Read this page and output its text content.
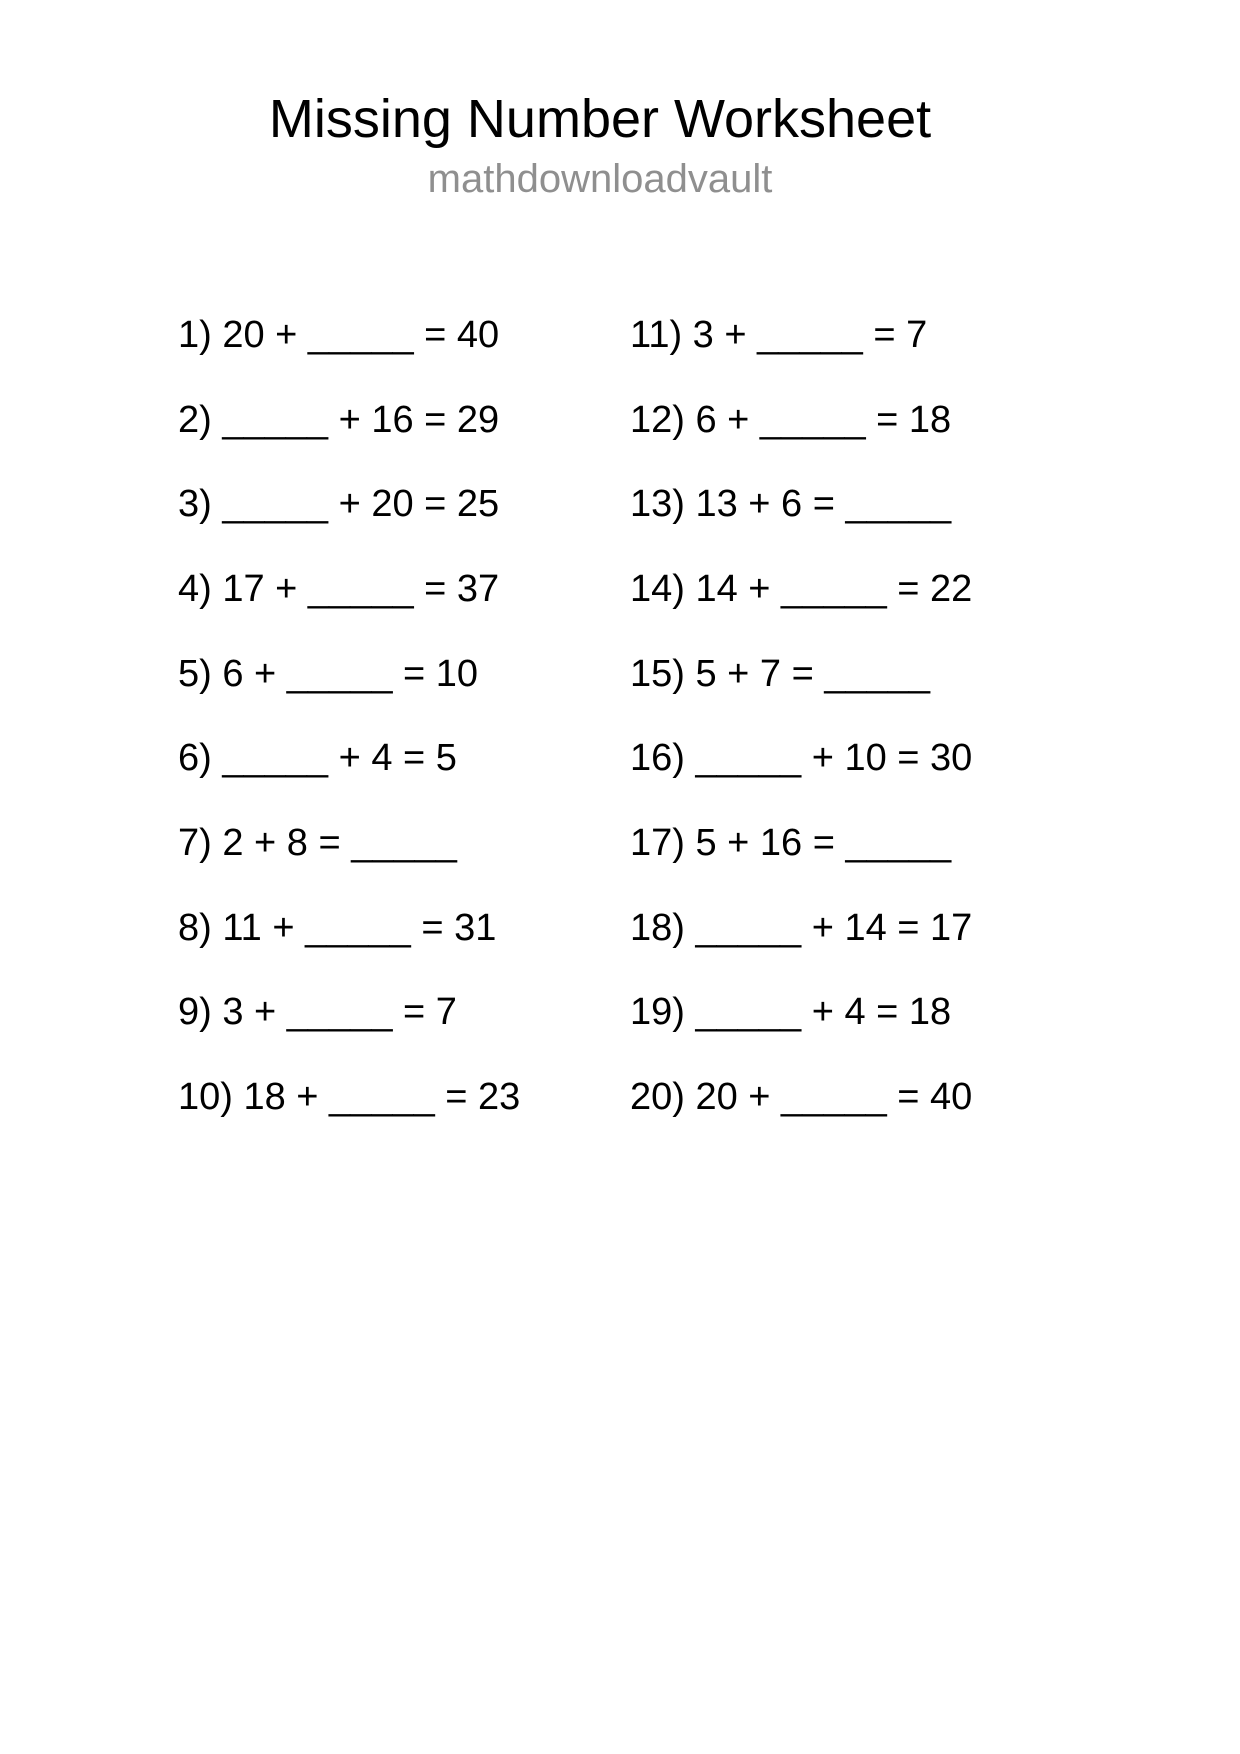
Missing Number Worksheet
mathdownloadvault
1) 20 + _____ = 40
2) _____ + 16 = 29
3) _____ + 20 = 25
4) 17 + _____ = 37
5) 6 + _____ = 10
6) _____ + 4 = 5
7) 2 + 8 = _____
8) 11 + _____ = 31
9) 3 + _____ = 7
10) 18 + _____ = 23
11) 3 + _____ = 7
12) 6 + _____ = 18
13) 13 + 6 = _____
14) 14 + _____ = 22
15) 5 + 7 = _____
16) _____ + 10 = 30
17) 5 + 16 = _____
18) _____ + 14 = 17
19) _____ + 4 = 18
20) 20 + _____ = 40
